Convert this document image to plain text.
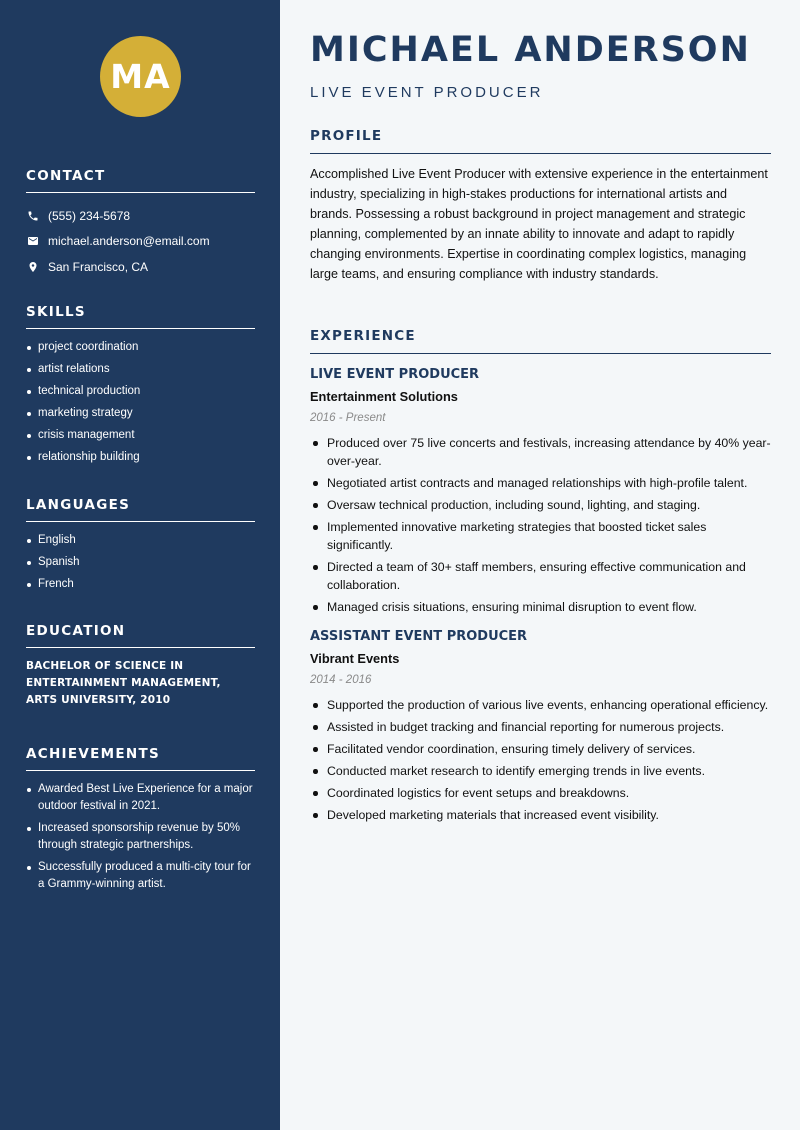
MA
CONTACT
(555) 234-5678
michael.anderson@email.com
San Francisco, CA
SKILLS
project coordination
artist relations
technical production
marketing strategy
crisis management
relationship building
LANGUAGES
English
Spanish
French
EDUCATION
BACHELOR OF SCIENCE IN ENTERTAINMENT MANAGEMENT, ARTS UNIVERSITY, 2010
ACHIEVEMENTS
Awarded Best Live Experience for a major outdoor festival in 2021.
Increased sponsorship revenue by 50% through strategic partnerships.
Successfully produced a multi-city tour for a Grammy-winning artist.
MICHAEL ANDERSON
LIVE EVENT PRODUCER
PROFILE
Accomplished Live Event Producer with extensive experience in the entertainment industry, specializing in high-stakes productions for international artists and brands. Possessing a robust background in project management and strategic planning, complemented by an innate ability to innovate and adapt to rapidly changing environments. Expertise in coordinating complex logistics, managing large teams, and ensuring compliance with industry standards.
EXPERIENCE
LIVE EVENT PRODUCER
Entertainment Solutions
2016 - Present
Produced over 75 live concerts and festivals, increasing attendance by 40% year-over-year.
Negotiated artist contracts and managed relationships with high-profile talent.
Oversaw technical production, including sound, lighting, and staging.
Implemented innovative marketing strategies that boosted ticket sales significantly.
Directed a team of 30+ staff members, ensuring effective communication and collaboration.
Managed crisis situations, ensuring minimal disruption to event flow.
ASSISTANT EVENT PRODUCER
Vibrant Events
2014 - 2016
Supported the production of various live events, enhancing operational efficiency.
Assisted in budget tracking and financial reporting for numerous projects.
Facilitated vendor coordination, ensuring timely delivery of services.
Conducted market research to identify emerging trends in live events.
Coordinated logistics for event setups and breakdowns.
Developed marketing materials that increased event visibility.
